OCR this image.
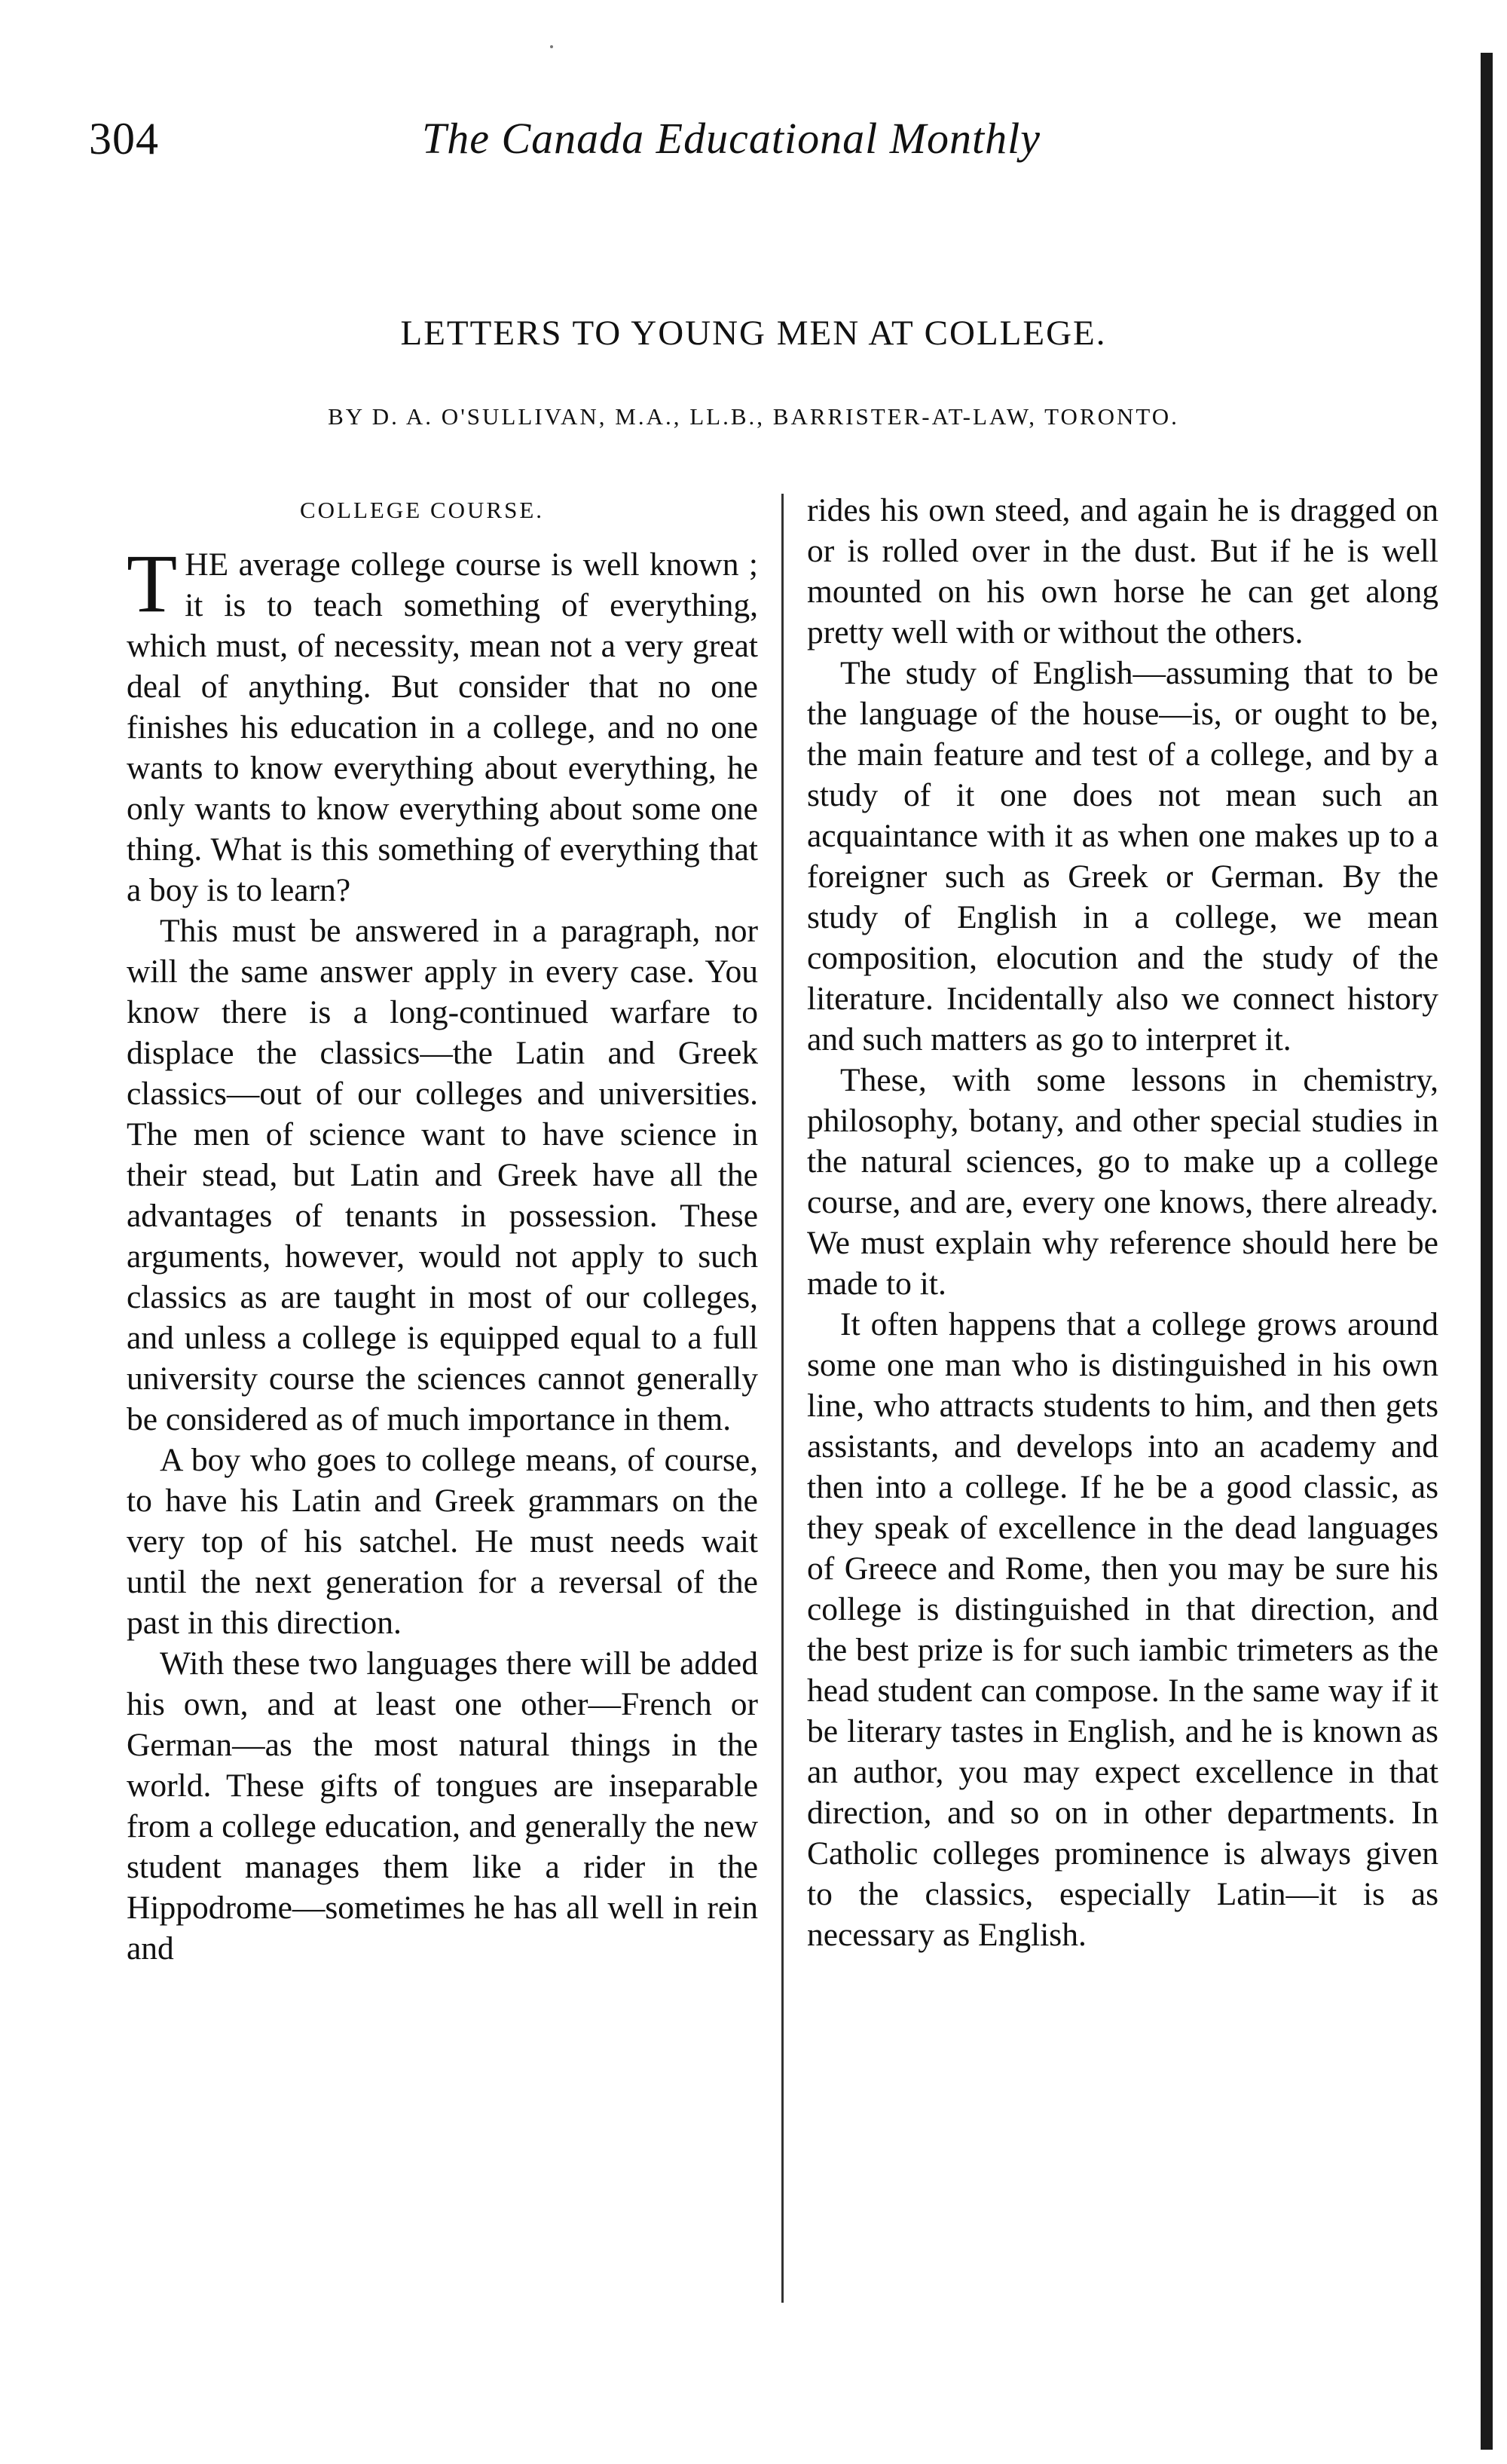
304	The Canada Educational Monthly
LETTERS TO YOUNG MEN AT COLLEGE.
BY D. A. O'SULLIVAN, M.A., LL.B., BARRISTER-AT-LAW, TORONTO.
COLLEGE COURSE.

THE average college course is well known ; it is to teach something of everything, which must, of necessity, mean not a very great deal of anything. But consider that no one finishes his education in a college, and no one wants to know everything about everything, he only wants to know everything about some one thing. What is this something of everything that a boy is to learn?

This must be answered in a paragraph, nor will the same answer apply in every case. You know there is a long-continued warfare to displace the classics—the Latin and Greek classics—out of our colleges and universities. The men of science want to have science in their stead, but Latin and Greek have all the advantages of tenants in possession. These arguments, however, would not apply to such classics as are taught in most of our colleges, and unless a college is equipped equal to a full university course the sciences cannot generally be considered as of much importance in them.

A boy who goes to college means, of course, to have his Latin and Greek grammars on the very top of his satchel. He must needs wait until the next generation for a reversal of the past in this direction.

With these two languages there will be added his own, and at least one other—French or German—as the most natural things in the world. These gifts of tongues are inseparable from a college education, and generally the new student manages them like a rider in the Hippodrome—sometimes he has all well in rein and

rides his own steed, and again he is dragged on or is rolled over in the dust. But if he is well mounted on his own horse he can get along pretty well with or without the others.

The study of English—assuming that to be the language of the house—is, or ought to be, the main feature and test of a college, and by a study of it one does not mean such an acquaintance with it as when one makes up to a foreigner such as Greek or German. By the study of English in a college, we mean composition, elocution and the study of the literature. Incidentally also we connect history and such matters as go to interpret it.

These, with some lessons in chemistry, philosophy, botany, and other special studies in the natural sciences, go to make up a college course, and are, every one knows, there already. We must explain why reference should here be made to it.

It often happens that a college grows around some one man who is distinguished in his own line, who attracts students to him, and then gets assistants, and develops into an academy and then into a college. If he be a good classic, as they speak of excellence in the dead languages of Greece and Rome, then you may be sure his college is distinguished in that direction, and the best prize is for such iambic trimeters as the head student can compose. In the same way if it be literary tastes in English, and he is known as an author, you may expect excellence in that direction, and so on in other departments. In Catholic colleges prominence is always given to the classics, especially Latin—it is as necessary as English.
